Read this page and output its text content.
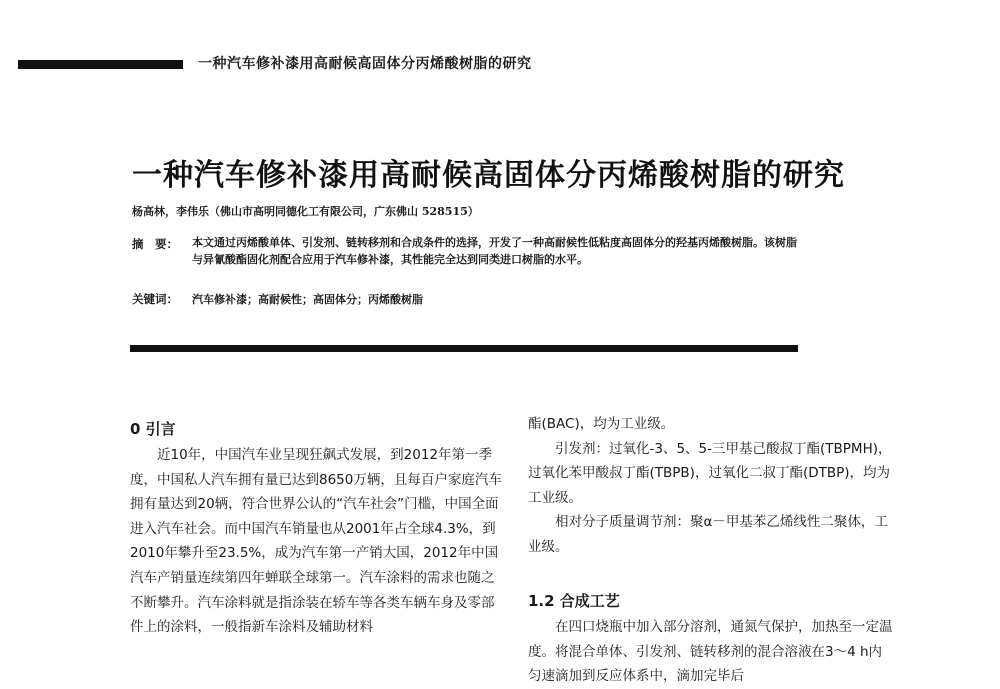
一种汽车修补漆用高耐候高固体分丙烯酸树脂的研究
一种汽车修补漆用高耐候高固体分丙烯酸树脂的研究
杨高林，李伟乐（佛山市高明同德化工有限公司，广东佛山 528515）
摘　要： 本文通过丙烯酸单体、引发剂、链转移剂和合成条件的选择，开发了一种高耐候性低粘度高固体分的羟基丙烯酸树脂。该树脂与异氰酸酯固化剂配合应用于汽车修补漆，其性能完全达到同类进口树脂的水平。
关键词： 汽车修补漆；高耐候性；高固体分；丙烯酸树脂
0 引言

近10年，中国汽车业呈现狂飙式发展，到2012年第一季度，中国私人汽车拥有量已达到8650万辆，且每百户家庭汽车拥有量达到20辆，符合世界公认的“汽车社会”门槛，中国全面进入汽车社会。而中国汽车销量也从2001年占全球4.3%，到2010年攀升至23.5%，成为汽车第一产销大国，2012年中国汽车产销量连续第四年蝉联全球第一。汽车涂料的需求也随之不断攀升。汽车涂料就是指涂装在轿车等各类车辆车身及零部件上的涂料，一般指新车涂料及辅助材料

酯(BAC)，均为工业级。

引发剂：过氧化-3、5、5-三甲基己酸叔丁酯(TBPMH)，过氧化苯甲酸叔丁酯(TBPB)，过氧化二叔丁酯(DTBP)，均为工业级。

相对分子质量调节剂：聚α－甲基苯乙烯线性二聚体，工业级。

1.2 合成工艺

在四口烧瓶中加入部分溶剂，通氮气保护，加热至一定温度。将混合单体、引发剂、链转移剂的混合溶液在3～4 h内匀速滴加到反应体系中，滴加完毕后
